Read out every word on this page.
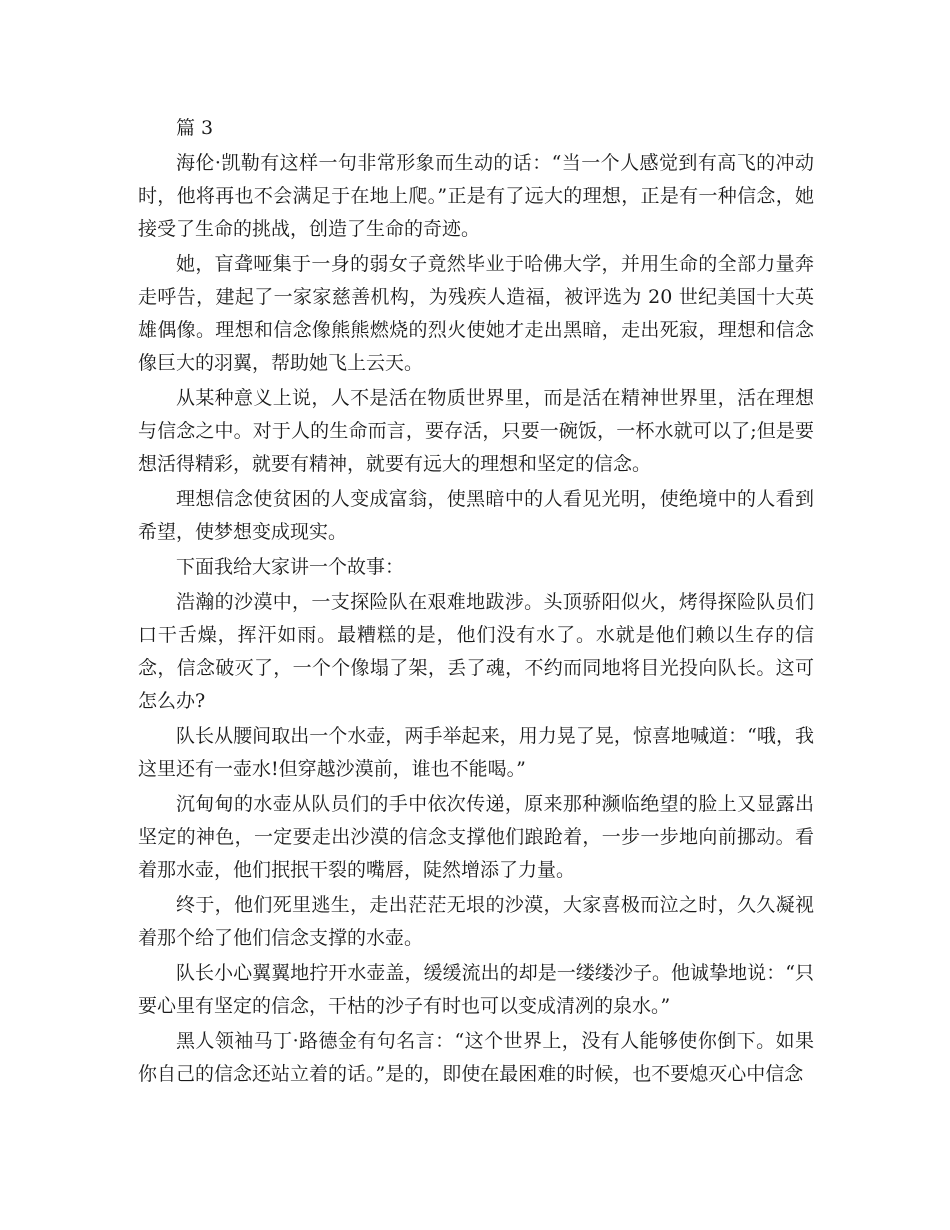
篇 3

海伦·凯勒有这样一句非常形象而生动的话：“当一个人感觉到有高飞的冲动时，他将再也不会满足于在地上爬。”正是有了远大的理想，正是有一种信念，她接受了生命的挑战，创造了生命的奇迹。

她，盲聋哑集于一身的弱女子竟然毕业于哈佛大学，并用生命的全部力量奔走呼告，建起了一家家慈善机构，为残疾人造福，被评选为 20 世纪美国十大英雄偶像。理想和信念像熊熊燃烧的烈火使她才走出黑暗，走出死寂，理想和信念像巨大的羽翼，帮助她飞上云天。

从某种意义上说，人不是活在物质世界里，而是活在精神世界里，活在理想与信念之中。对于人的生命而言，要存活，只要一碗饭，一杯水就可以了;但是要想活得精彩，就要有精神，就要有远大的理想和坚定的信念。

理想信念使贫困的人变成富翁，使黑暗中的人看见光明，使绝境中的人看到希望，使梦想变成现实。

下面我给大家讲一个故事：

浩瀚的沙漠中，一支探险队在艰难地跋涉。头顶骄阳似火，烤得探险队员们口干舌燥，挥汗如雨。最糟糕的是，他们没有水了。水就是他们赖以生存的信念，信念破灭了，一个个像塌了架，丢了魂，不约而同地将目光投向队长。这可怎么办?

队长从腰间取出一个水壶，两手举起来，用力晃了晃，惊喜地喊道：“哦，我这里还有一壶水!但穿越沙漠前，谁也不能喝。”

沉甸甸的水壶从队员们的手中依次传递，原来那种濒临绝望的脸上又显露出坚定的神色，一定要走出沙漠的信念支撑他们踉跄着，一步一步地向前挪动。看着那水壶，他们抿抿干裂的嘴唇，陡然增添了力量。

终于，他们死里逃生，走出茫茫无垠的沙漠，大家喜极而泣之时，久久凝视着那个给了他们信念支撑的水壶。

队长小心翼翼地拧开水壶盖，缓缓流出的却是一缕缕沙子。他诚挚地说：“只要心里有坚定的信念，干枯的沙子有时也可以变成清冽的泉水。”

黑人领袖马丁·路德金有句名言：“这个世界上，没有人能够使你倒下。如果你自己的信念还站立着的话。”是的，即使在最困难的时候，也不要熄灭心中信念
